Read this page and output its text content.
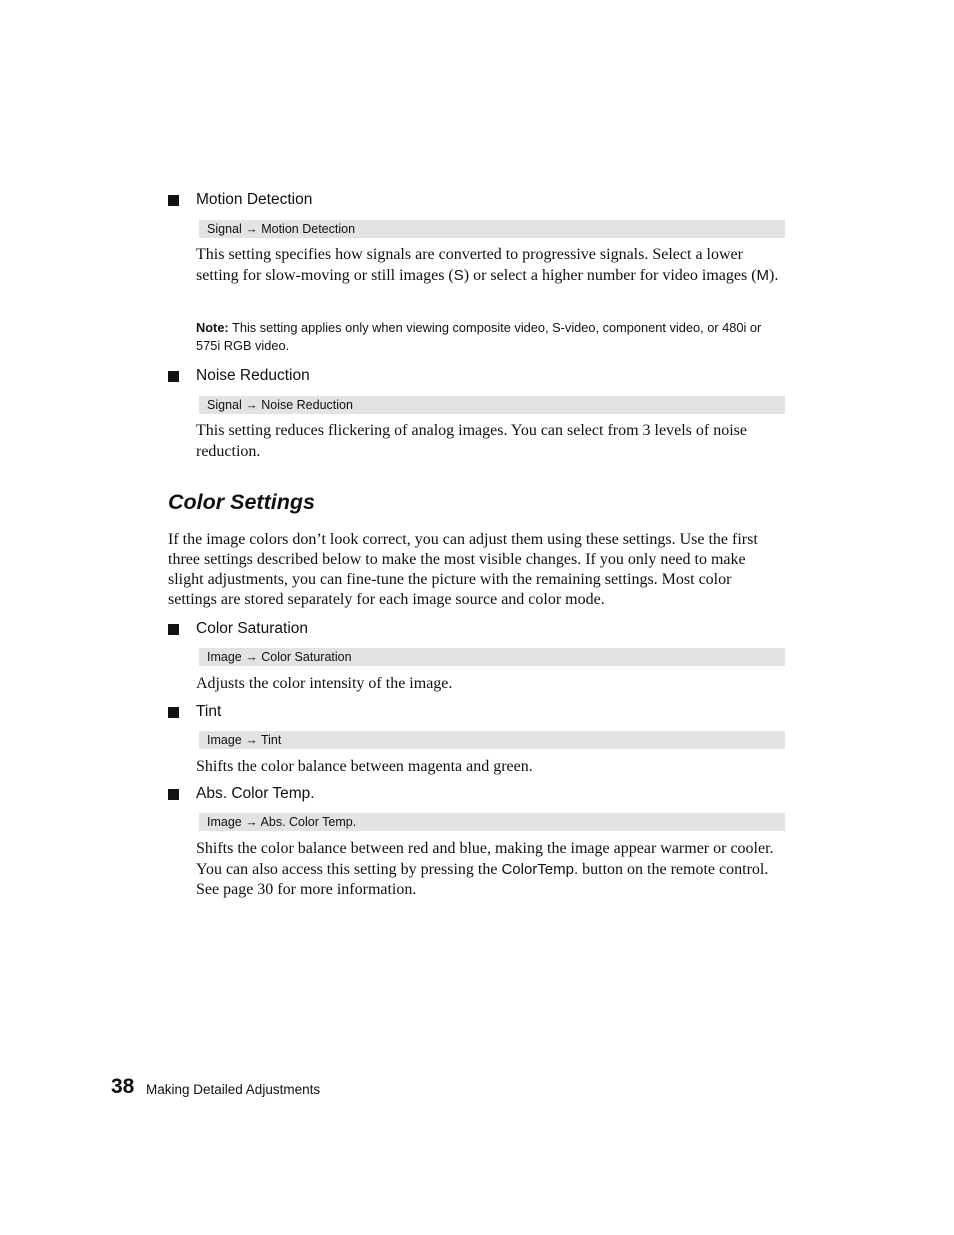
Motion Detection
Signal → Motion Detection
This setting specifies how signals are converted to progressive signals. Select a lower setting for slow-moving or still images (S) or select a higher number for video images (M).
Note: This setting applies only when viewing composite video, S-video, component video, or 480i or 575i RGB video.
Noise Reduction
Signal → Noise Reduction
This setting reduces flickering of analog images. You can select from 3 levels of noise reduction.
Color Settings
If the image colors don’t look correct, you can adjust them using these settings. Use the first three settings described below to make the most visible changes. If you only need to make slight adjustments, you can fine-tune the picture with the remaining settings. Most color settings are stored separately for each image source and color mode.
Color Saturation
Image → Color Saturation
Adjusts the color intensity of the image.
Tint
Image → Tint
Shifts the color balance between magenta and green.
Abs. Color Temp.
Image → Abs. Color Temp.
Shifts the color balance between red and blue, making the image appear warmer or cooler. You can also access this setting by pressing the ColorTemp. button on the remote control. See page 30 for more information.
38 Making Detailed Adjustments
